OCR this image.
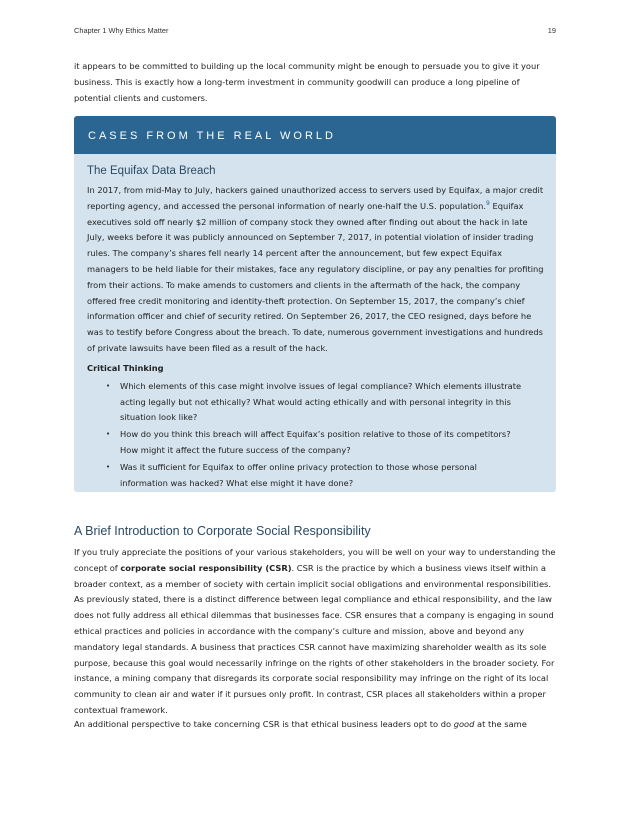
Chapter 1 Why Ethics Matter	19

it appears to be committed to building up the local community might be enough to persuade you to give it your business. This is exactly how a long-term investment in community goodwill can produce a long pipeline of potential clients and customers.

CASES FROM THE REAL WORLD
The Equifax Data Breach

In 2017, from mid-May to July, hackers gained unauthorized access to servers used by Equifax, a major credit reporting agency, and accessed the personal information of nearly one-half the U.S. population.$^9$ Equifax executives sold off nearly $2 million of company stock they owned after finding out about the hack in late July, weeks before it was publicly announced on September 7, 2017, in potential violation of insider trading rules. The company’s shares fell nearly 14 percent after the announcement, but few expect Equifax managers to be held liable for their mistakes, face any regulatory discipline, or pay any penalties for profiting from their actions. To make amends to customers and clients in the aftermath of the hack, the company offered free credit monitoring and identity-theft protection. On September 15, 2017, the company’s chief information officer and chief of security retired. On September 26, 2017, the CEO resigned, days before he was to testify before Congress about the breach. To date, numerous government investigations and hundreds of private lawsuits have been filed as a result of the hack.

Critical Thinking
• Which elements of this case might involve issues of legal compliance? Which elements illustrate acting legally but not ethically? What would acting ethically and with personal integrity in this situation look like?
• How do you think this breach will affect Equifax’s position relative to those of its competitors? How might it affect the future success of the company?
• Was it sufficient for Equifax to offer online privacy protection to those whose personal information was hacked? What else might it have done?
A Brief Introduction to Corporate Social Responsibility

If you truly appreciate the positions of your various stakeholders, you will be well on your way to understanding the concept of corporate social responsibility (CSR). CSR is the practice by which a business views itself within a broader context, as a member of society with certain implicit social obligations and environmental responsibilities. As previously stated, there is a distinct difference between legal compliance and ethical responsibility, and the law does not fully address all ethical dilemmas that businesses face. CSR ensures that a company is engaging in sound ethical practices and policies in accordance with the company’s culture and mission, above and beyond any mandatory legal standards. A business that practices CSR cannot have maximizing shareholder wealth as its sole purpose, because this goal would necessarily infringe on the rights of other stakeholders in the broader society. For instance, a mining company that disregards its corporate social responsibility may infringe on the right of its local community to clean air and water if it pursues only profit. In contrast, CSR places all stakeholders within a proper contextual framework.

An additional perspective to take concerning CSR is that ethical business leaders opt to do good at the same
